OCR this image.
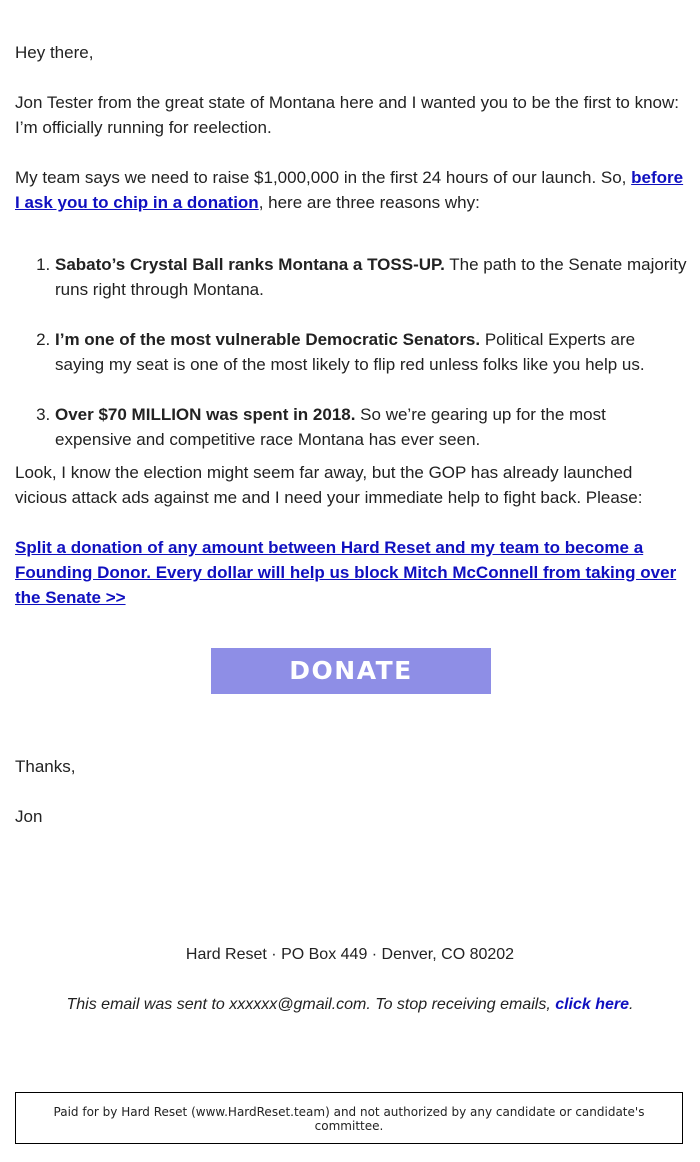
Hey there,

Jon Tester from the great state of Montana here and I wanted you to be the first to know: I’m officially running for reelection.

My team says we need to raise $1,000,000 in the first 24 hours of our launch. So, before I ask you to chip in a donation, here are three reasons why:

1. Sabato’s Crystal Ball ranks Montana a TOSS-UP. The path to the Senate majority runs right through Montana.
2. I’m one of the most vulnerable Democratic Senators. Political Experts are saying my seat is one of the most likely to flip red unless folks like you help us.
3. Over $70 MILLION was spent in 2018. So we’re gearing up for the most expensive and competitive race Montana has ever seen.

Look, I know the election might seem far away, but the GOP has already launched vicious attack ads against me and I need your immediate help to fight back. Please:

Split a donation of any amount between Hard Reset and my team to become a Founding Donor. Every dollar will help us block Mitch McConnell from taking over the Senate >>

DONATE

Thanks,

Jon

Hard Reset · PO Box 449 · Denver, CO 80202

This email was sent to xxxxxx@gmail.com. To stop receiving emails, click here.

Paid for by Hard Reset (www.HardReset.team) and not authorized by any candidate or candidate's committee.
